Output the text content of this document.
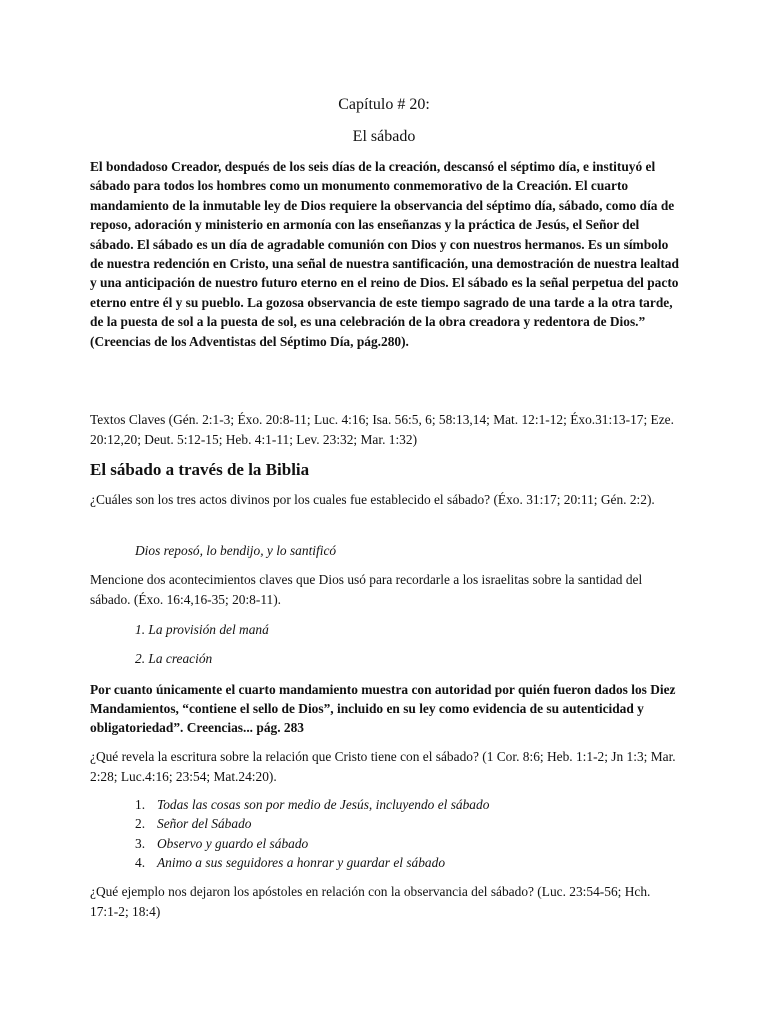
Capítulo # 20:
El sábado

El bondadoso Creador, después de los seis días de la creación, descansó el séptimo día, e instituyó el sábado para todos los hombres como un monumento conmemorativo de la Creación. El cuarto mandamiento de la inmutable ley de Dios requiere la observancia del séptimo día, sábado, como día de reposo, adoración y ministerio en armonía con las enseñanzas y la práctica de Jesús, el Señor del sábado. El sábado es un día de agradable comunión con Dios y con nuestros hermanos. Es un símbolo de nuestra redención en Cristo, una señal de nuestra santificación, una demostración de nuestra lealtad y una anticipación de nuestro futuro eterno en el reino de Dios. El sábado es la señal perpetua del pacto eterno entre él y su pueblo. La gozosa observancia de este tiempo sagrado de una tarde a la otra tarde, de la puesta de sol a la puesta de sol, es una celebración de la obra creadora y redentora de Dios.” (Creencias de los Adventistas del Séptimo Día, pág.280).

Textos Claves (Gén. 2:1-3; Éxo. 20:8-11; Luc. 4:16; Isa. 56:5, 6; 58:13,14; Mat. 12:1-12; Éxo.31:13-17; Eze. 20:12,20; Deut. 5:12-15; Heb. 4:1-11; Lev. 23:32; Mar. 1:32)

El sábado a través de la Biblia

¿Cuáles son los tres actos divinos por los cuales fue establecido el sábado? (Éxo. 31:17; 20:11; Gén. 2:2).

Dios reposó, lo bendijo, y lo santificó

Mencione dos acontecimientos claves que Dios usó para recordarle a los israelitas sobre la santidad del sábado. (Éxo. 16:4,16-35; 20:8-11).

1. La provisión del maná

2. La creación

Por cuanto únicamente el cuarto mandamiento muestra con autoridad por quién fueron dados los Diez Mandamientos, “contiene el sello de Dios”, incluido en su ley como evidencia de su autenticidad y obligatoriedad”. Creencias... pág. 283

¿Qué revela la escritura sobre la relación que Cristo tiene con el sábado? (1 Cor. 8:6; Heb. 1:1-2; Jn 1:3; Mar. 2:28; Luc.4:16; 23:54; Mat.24:20).

1. Todas las cosas son por medio de Jesús, incluyendo el sábado
2. Señor del Sábado
3. Observo y guardo el sábado
4. Animo a sus seguidores a honrar y guardar el sábado

¿Qué ejemplo nos dejaron los apóstoles en relación con la observancia del sábado? (Luc. 23:54-56; Hch. 17:1-2; 18:4)
